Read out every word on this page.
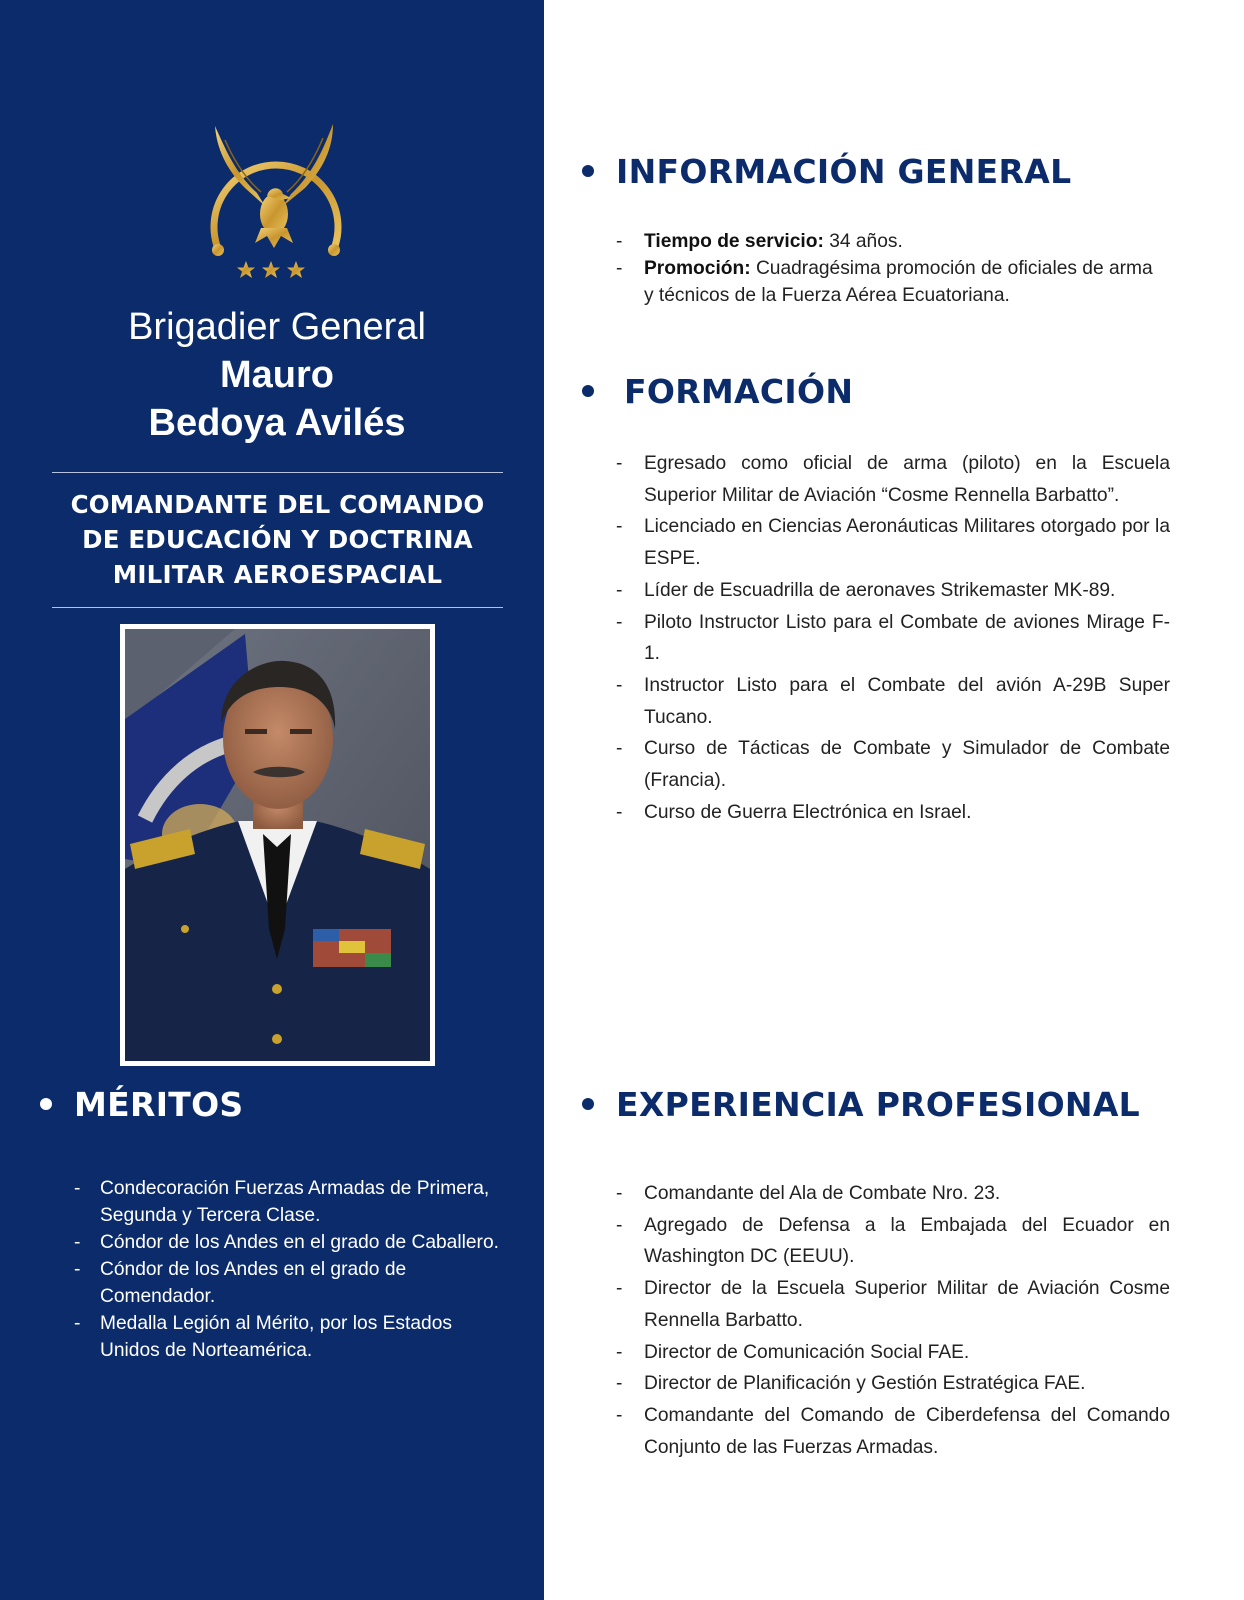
Brigadier General
Mauro
Bedoya Avilés
COMANDANTE DEL COMANDO
DE EDUCACIÓN Y DOCTRINA
MILITAR AEROESPACIAL
MÉRITOS
- Condecoración Fuerzas Armadas de Primera, Segunda y Tercera Clase.
- Cóndor de los Andes en el grado de Caballero.
- Cóndor de los Andes en el grado de Comendador.
- Medalla Legión al Mérito, por los Estados Unidos de Norteamérica.
INFORMACIÓN GENERAL
- Tiempo de servicio: 34 años.
- Promoción: Cuadragésima promoción de oficiales de arma y técnicos de la Fuerza Aérea Ecuatoriana.
FORMACIÓN
- Egresado como oficial de arma (piloto) en la Escuela Superior Militar de Aviación “Cosme Rennella Barbatto”.
- Licenciado en Ciencias Aeronáuticas Militares otorgado por la ESPE.
- Líder de Escuadrilla de aeronaves Strikemaster MK-89.
- Piloto Instructor Listo para el Combate de aviones Mirage F-1.
- Instructor Listo para el Combate del avión A-29B Super Tucano.
- Curso de Tácticas de Combate y Simulador de Combate (Francia).
- Curso de Guerra Electrónica en Israel.
EXPERIENCIA PROFESIONAL
- Comandante del Ala de Combate Nro. 23.
- Agregado de Defensa a la Embajada del Ecuador en Washington DC (EEUU).
- Director de la Escuela Superior Militar de Aviación Cosme Rennella Barbatto.
- Director de Comunicación Social FAE.
- Director de Planificación y Gestión Estratégica FAE.
- Comandante del Comando de Ciberdefensa del Comando Conjunto de las Fuerzas Armadas.
